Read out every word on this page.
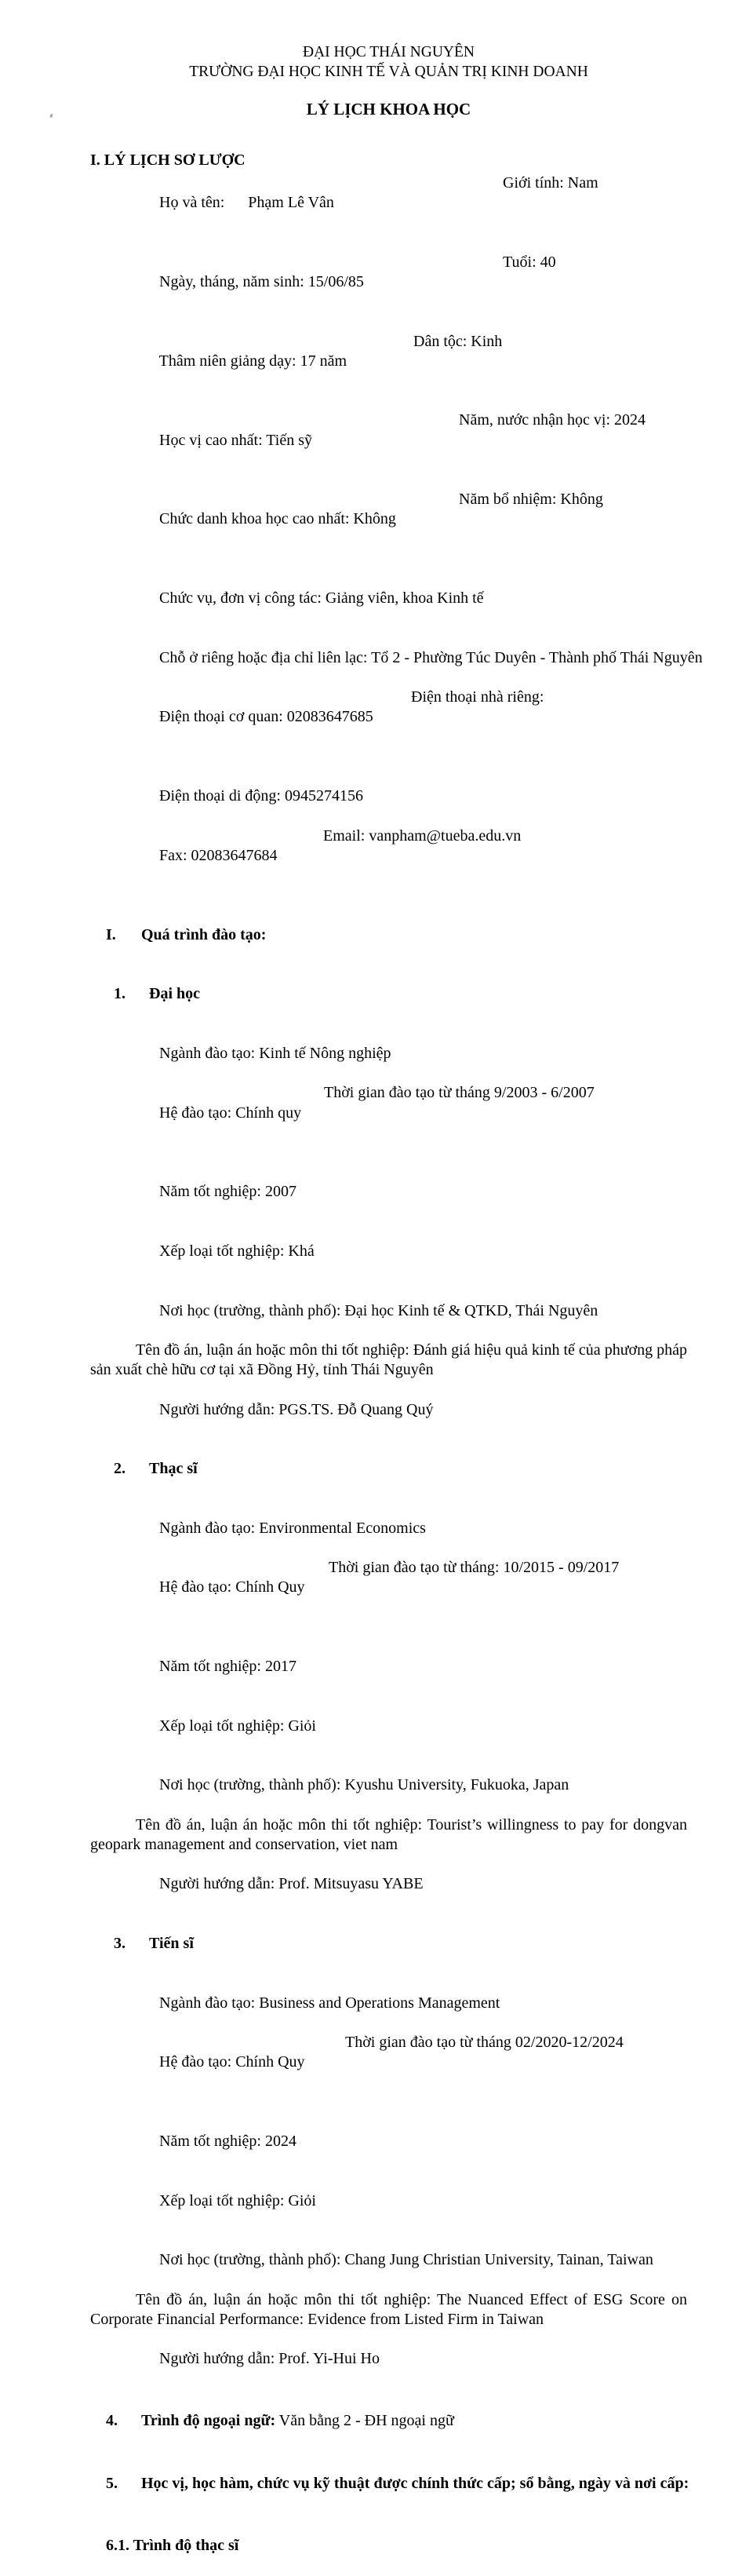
ĐẠI HỌC THÁI NGUYÊN
TRƯỜNG ĐẠI HỌC KINH TẾ VÀ QUẢN TRỊ KINH DOANH
LÝ LỊCH KHOA HỌC
I. LÝ LỊCH SƠ LƯỢC

Họ và tên:      Phạm Lê Vân

Giới tính: Nam

Ngày, tháng, năm sinh: 15/06/85

Tuổi: 40

Thâm niên giảng dạy: 17 năm

Dân tộc: Kinh

Học vị cao nhất: Tiến sỹ

Năm, nước nhận học vị: 2024

Chức danh khoa học cao nhất: Không

Năm bổ nhiệm: Không

Chức vụ, đơn vị công tác: Giảng viên, khoa Kinh tế

Chỗ ở riêng hoặc địa chỉ liên lạc: Tổ 2 - Phường Túc Duyên - Thành phố Thái Nguyên

Điện thoại cơ quan: 02083647685

Điện thoại nhà riêng:

Điện thoại di động: 0945274156

Fax: 02083647684

Email: vanpham@tueba.edu.vn

I. Quá trình đào tạo:

1. Đại học

Ngành đào tạo: Kinh tế Nông nghiệp

Hệ đào tạo: Chính quy

Thời gian đào tạo từ tháng 9/2003 - 6/2007

Năm tốt nghiệp: 2007

Xếp loại tốt nghiệp: Khá

Nơi học (trường, thành phố): Đại học Kinh tế & QTKD, Thái Nguyên

Tên đồ án, luận án hoặc môn thi tốt nghiệp: Đánh giá hiệu quả kinh tế của phương pháp sản xuất chè hữu cơ tại xã Đồng Hỷ, tỉnh Thái Nguyên

Người hướng dẫn: PGS.TS. Đỗ Quang Quý

2. Thạc sĩ

Ngành đào tạo: Environmental Economics

Hệ đào tạo: Chính Quy

Thời gian đào tạo từ tháng: 10/2015 - 09/2017

Năm tốt nghiệp: 2017

Xếp loại tốt nghiệp: Giỏi

Nơi học (trường, thành phố): Kyushu University, Fukuoka, Japan

Tên đồ án, luận án hoặc môn thi tốt nghiệp: Tourist’s willingness to pay for dongvan geopark management and conservation, viet nam

Người hướng dẫn: Prof. Mitsuyasu YABE

3. Tiến sĩ

Ngành đào tạo: Business and Operations Management

Hệ đào tạo: Chính Quy

Thời gian đào tạo từ tháng 02/2020-12/2024

Năm tốt nghiệp: 2024

Xếp loại tốt nghiệp: Giỏi

Nơi học (trường, thành phố): Chang Jung Christian University, Tainan, Taiwan

Tên đồ án, luận án hoặc môn thi tốt nghiệp: The Nuanced Effect of ESG Score on Corporate Financial Performance: Evidence from Listed Firm in Taiwan

Người hướng dẫn: Prof. Yi-Hui Ho

4. Trình độ ngoại ngữ: Văn bằng 2 - ĐH ngoại ngữ

5. Học vị, học hàm, chức vụ kỹ thuật được chính thức cấp; sổ bằng, ngày và nơi cấp:

6.1. Trình độ thạc sĩ
